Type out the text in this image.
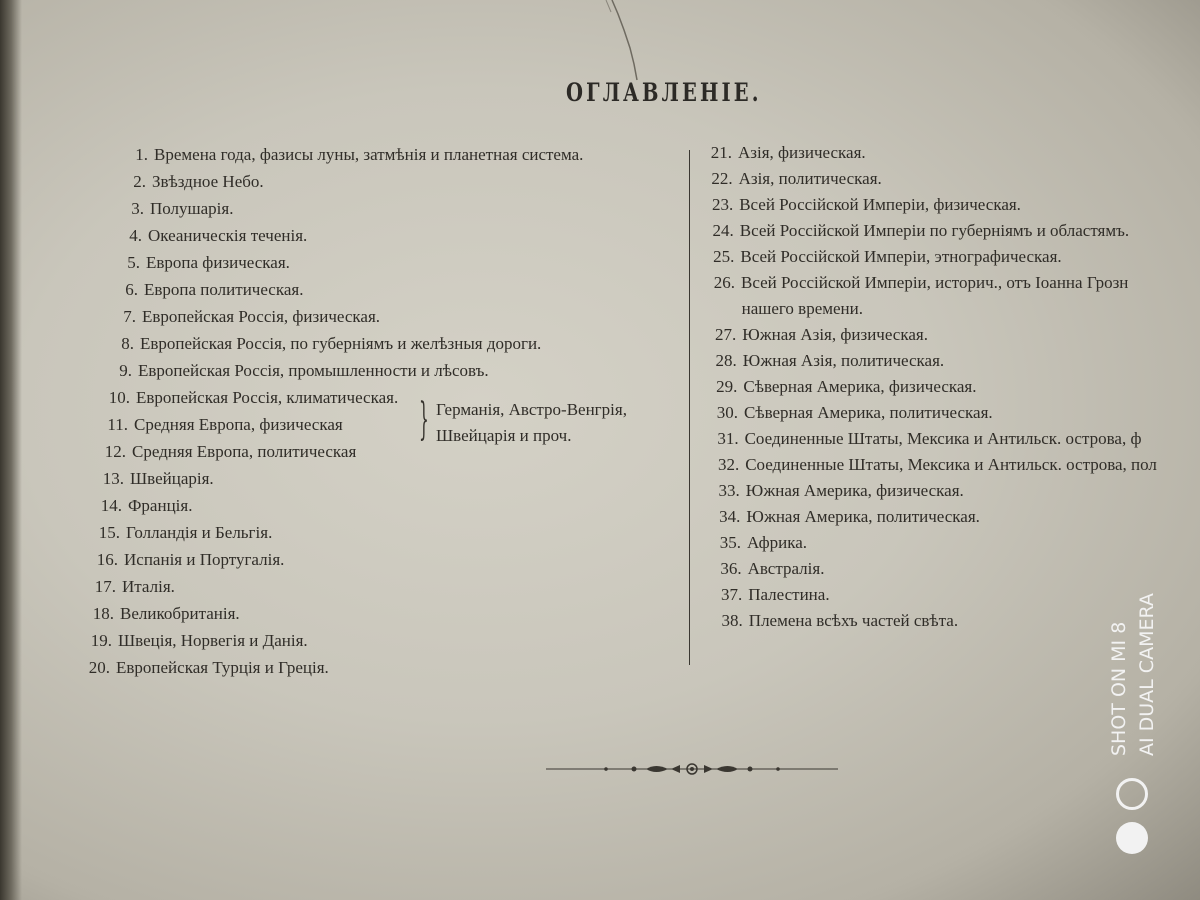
ОГЛАВЛЕНІЕ.
1. Времена года, фазисы луны, затмѣнія и планетная система.
2. Звѣздное Небо.
3. Полушарія.
4. Океаническія теченія.
5. Европа физическая.
6. Европа политическая.
7. Европейская Россія, физическая.
8. Европейская Россія, по губерніямъ и желѣзныя дороги.
9. Европейская Россія, промышленности и лѣсовъ.
10. Европейская Россія, климатическая.
11. Средняя Европа, физическая
12. Средняя Европа, политическая
13. Швейцарія.
14. Франція.
15. Голландія и Бельгія.
16. Испанія и Португалія.
17. Италія.
18. Великобританія.
19. Швеція, Норвегія и Данія.
20. Европейская Турція и Греція.
21. Азія, физическая.
22. Азія, политическая.
23. Всей Россійской Имперіи, физическая.
24. Всей Россійской Имперіи по губерніямъ и областямъ.
25. Всей Россійской Имперіи, этнографическая.
26. Всей Россійской Имперіи, историч., отъ Іоанна Грозн
нашего времени.
27. Южная Азія, физическая.
28. Южная Азія, политическая.
29. Сѣверная Америка, физическая.
30. Сѣверная Америка, политическая.
31. Соединенные Штаты, Мексика и Антильск. острова, ф
32. Соединенные Штаты, Мексика и Антильск. острова, пол
33. Южная Америка, физическая.
34. Южная Америка, политическая.
35. Африка.
36. Австралія.
37. Палестина.
38. Племена всѣхъ частей свѣта.
} Германія, Австро-Венгрія,
Швейцарія и проч.
SHOT ON MI 8 AI DUAL CAMERA
